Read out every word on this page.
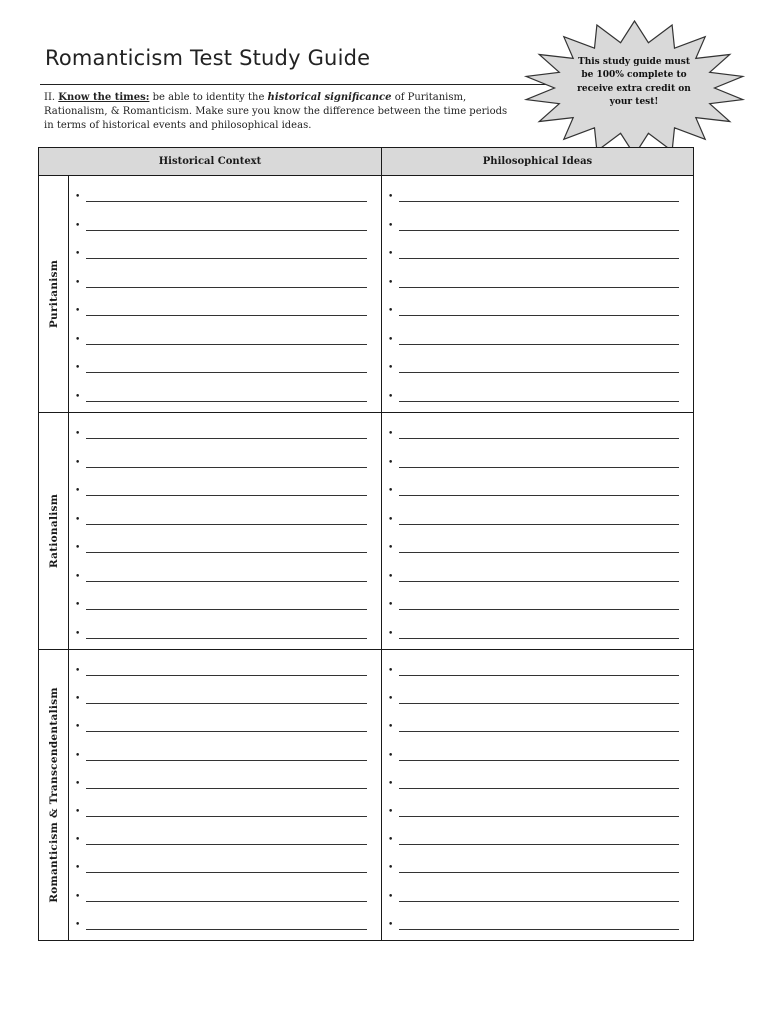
Romanticism Test Study Guide
II. Know the times: be able to identity the historical significance of Puritanism, Rationalism, & Romanticism. Make sure you know the difference between the time periods in terms of historical events and philosophical ideas.
This study guide must be 100% complete to receive extra credit on your test!
Historical Context	Philosophical Ideas
Puritanism
•
•
•
•
•
•
•
•
•
•
•
•
•
•
•
•
Rationalism
•
•
•
•
•
•
•
•
•
•
•
•
•
•
•
•
Romanticism & Transcendentalism
•
•
•
•
•
•
•
•
•
•
•
•
•
•
•
•
•
•
•
•
